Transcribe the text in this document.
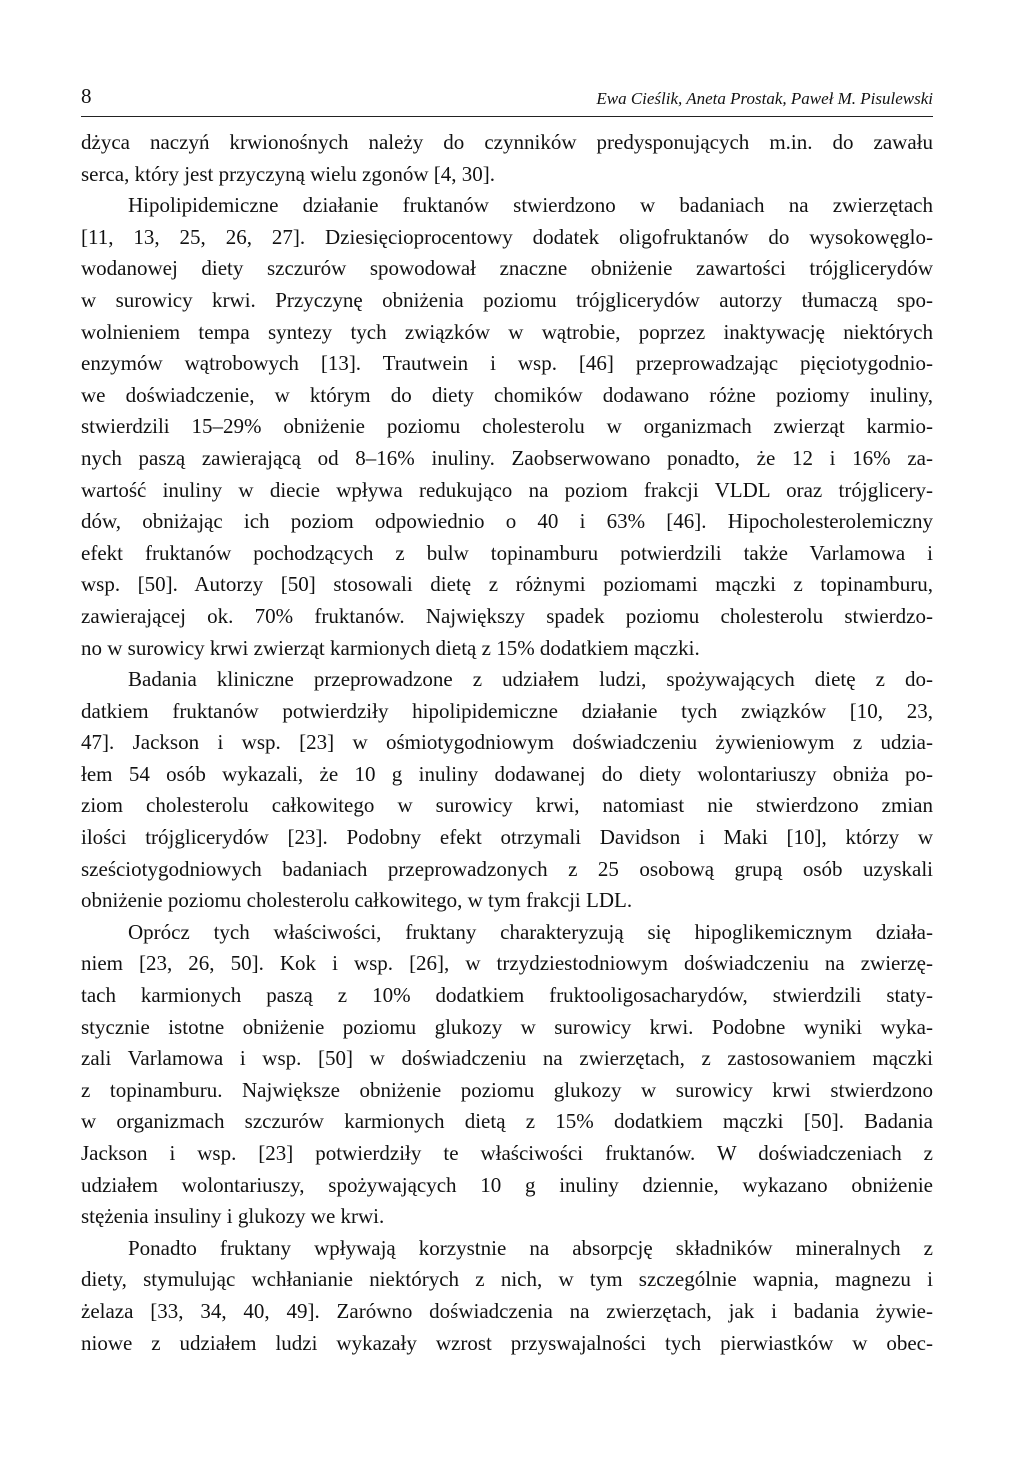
8	Ewa Cieślik, Aneta Prostak, Paweł M. Pisulewski
dżyca naczyń krwionośnych należy do czynników predysponujących m.in. do zawału
serca, który jest przyczyną wielu zgonów [4, 30].
Hipolipidemiczne działanie fruktanów stwierdzono w badaniach na zwierzętach
[11, 13, 25, 26, 27]. Dziesięcioprocentowy dodatek oligofruktanów do wysokowęglo-
wodanowej diety szczurów spowodował znaczne obniżenie zawartości trójglicerydów
w surowicy krwi. Przyczynę obniżenia poziomu trójglicerydów autorzy tłumaczą spo-
wolnieniem tempa syntezy tych związków w wątrobie, poprzez inaktywację niektórych
enzymów wątrobowych [13]. Trautwein i wsp. [46] przeprowadzając pięciotygodnio-
we doświadczenie, w którym do diety chomików dodawano różne poziomy inuliny,
stwierdzili 15–29% obniżenie poziomu cholesterolu w organizmach zwierząt karmio-
nych paszą zawierającą od 8–16% inuliny. Zaobserwowano ponadto, że 12 i 16% za-
wartość inuliny w diecie wpływa redukująco na poziom frakcji VLDL oraz trójglicery-
dów, obniżając ich poziom odpowiednio o 40 i 63% [46]. Hipocholesterolemiczny
efekt fruktanów pochodzących z bulw topinamburu potwierdzili także Varlamowa i
wsp. [50]. Autorzy [50] stosowali dietę z różnymi poziomami mączki z topinamburu,
zawierającej ok. 70% fruktanów. Największy spadek poziomu cholesterolu stwierdzo-
no w surowicy krwi zwierząt karmionych dietą z 15% dodatkiem mączki.
Badania kliniczne przeprowadzone z udziałem ludzi, spożywających dietę z do-
datkiem fruktanów potwierdziły hipolipidemiczne działanie tych związków [10, 23,
47]. Jackson i wsp. [23] w ośmiotygodniowym doświadczeniu żywieniowym z udzia-
łem 54 osób wykazali, że 10 g inuliny dodawanej do diety wolontariuszy obniża po-
ziom cholesterolu całkowitego w surowicy krwi, natomiast nie stwierdzono zmian
ilości trójglicerydów [23]. Podobny efekt otrzymali Davidson i Maki [10], którzy w
sześciotygodniowych badaniach przeprowadzonych z 25 osobową grupą osób uzyskali
obniżenie poziomu cholesterolu całkowitego, w tym frakcji LDL.
Oprócz tych właściwości, fruktany charakteryzują się hipoglikemicznym działa-
niem [23, 26, 50]. Kok i wsp. [26], w trzydziestodniowym doświadczeniu na zwierzę-
tach karmionych paszą z 10% dodatkiem fruktooligosacharydów, stwierdzili staty-
stycznie istotne obniżenie poziomu glukozy w surowicy krwi. Podobne wyniki wyka-
zali Varlamowa i wsp. [50] w doświadczeniu na zwierzętach, z zastosowaniem mączki
z topinamburu. Największe obniżenie poziomu glukozy w surowicy krwi stwierdzono
w organizmach szczurów karmionych dietą z 15% dodatkiem mączki [50]. Badania
Jackson i wsp. [23] potwierdziły te właściwości fruktanów. W doświadczeniach z
udziałem wolontariuszy, spożywających 10 g inuliny dziennie, wykazano obniżenie
stężenia insuliny i glukozy we krwi.
Ponadto fruktany wpływają korzystnie na absorpcję składników mineralnych z
diety, stymulując wchłanianie niektórych z nich, w tym szczególnie wapnia, magnezu i
żelaza [33, 34, 40, 49]. Zarówno doświadczenia na zwierzętach, jak i badania żywie-
niowe z udziałem ludzi wykazały wzrost przyswajalności tych pierwiastków w obec-
